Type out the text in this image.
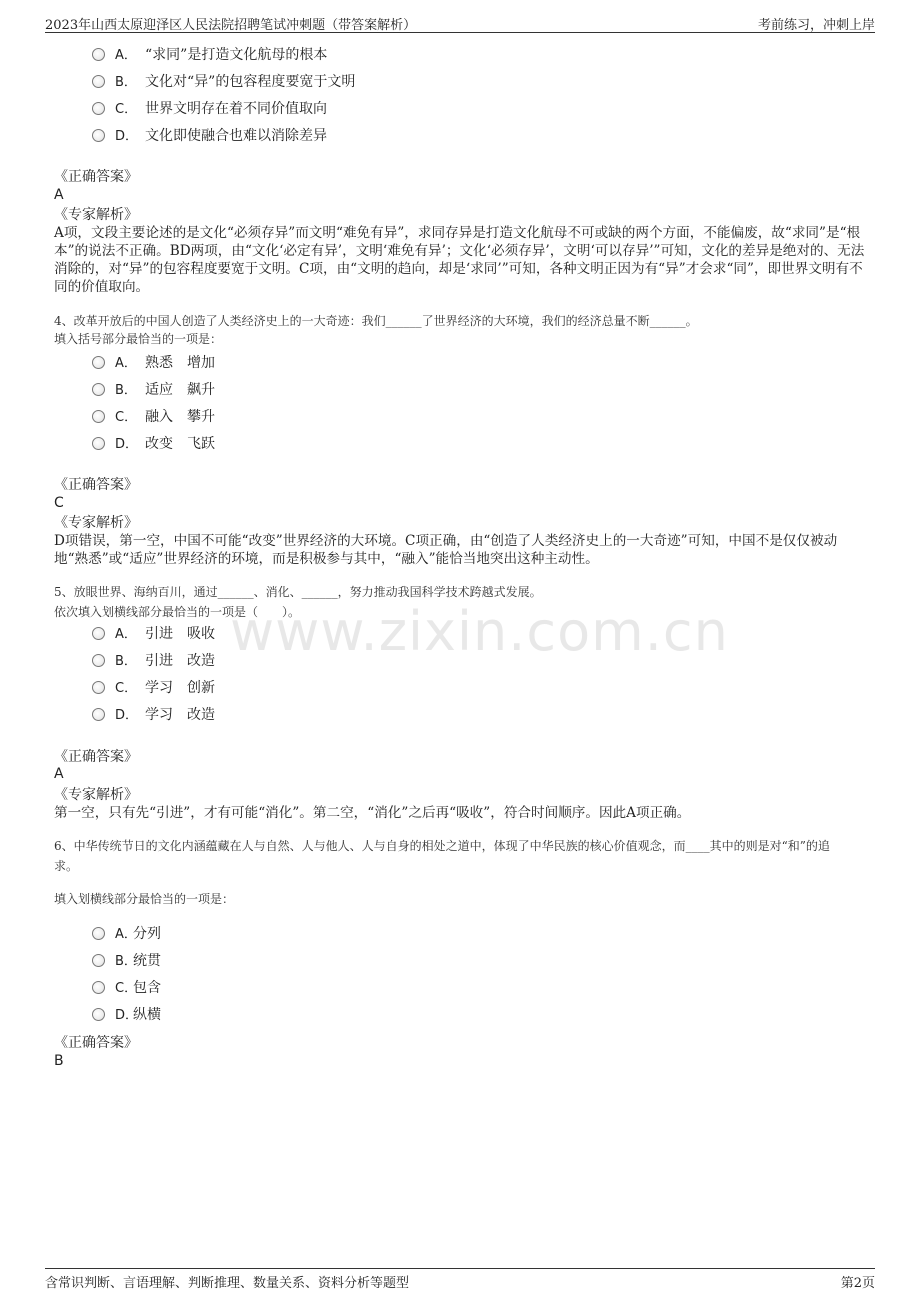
2023年山西太原迎泽区人民法院招聘笔试冲刺题（带答案解析）	考前练习，冲刺上岸
www.zixin.com.cn
A． “求同”是打造文化航母的根本
B． 文化对“异”的包容程度要宽于文明
C． 世界文明存在着不同价值取向
D． 文化即使融合也难以消除差异
《正确答案》
A
《专家解析》
A项，文段主要论述的是文化“必须存异”而文明“难免有异”，求同存异是打造文化航母不可或缺的两个方面，不能偏废，故“求同”是“根本”的说法不正确。BD两项，由“文化‘必定有异’，文明‘难免有异’；文化‘必须存异’，文明‘可以存异’”可知，文化的差异是绝对的、无法消除的，对“异”的包容程度要宽于文明。C项，由“文明的趋向，却是‘求同’”可知，各种文明正因为有“异”才会求“同”，即世界文明有不同的价值取向。
4、改革开放后的中国人创造了人类经济史上的一大奇迹：我们______了世界经济的大环境，我们的经济总量不断______。
填入括号部分最恰当的一项是：
A． 熟悉　增加
B． 适应　飙升
C． 融入　攀升
D． 改变　飞跃
《正确答案》
C
《专家解析》
D项错误，第一空，中国不可能“改变”世界经济的大环境。C项正确，由“创造了人类经济史上的一大奇迹”可知，中国不是仅仅被动地“熟悉”或“适应”世界经济的环境，而是积极参与其中，“融入”能恰当地突出这种主动性。
5、放眼世界、海纳百川，通过______、消化、______，努力推动我国科学技术跨越式发展。
依次填入划横线部分最恰当的一项是（　　）。
A． 引进　吸收
B． 引进　改造
C． 学习　创新
D． 学习　改造
《正确答案》
A
《专家解析》
第一空，只有先“引进”，才有可能“消化”。第二空，“消化”之后再“吸收”，符合时间顺序。因此A项正确。
6、中华传统节日的文化内涵蕴藏在人与自然、人与他人、人与自身的相处之道中，体现了中华民族的核心价值观念，而____其中的则是对“和”的追求。
填入划横线部分最恰当的一项是：
A．分列
B．统贯
C．包含
D．纵横
《正确答案》
B
含常识判断、言语理解、判断推理、数量关系、资料分析等题型	第2页
